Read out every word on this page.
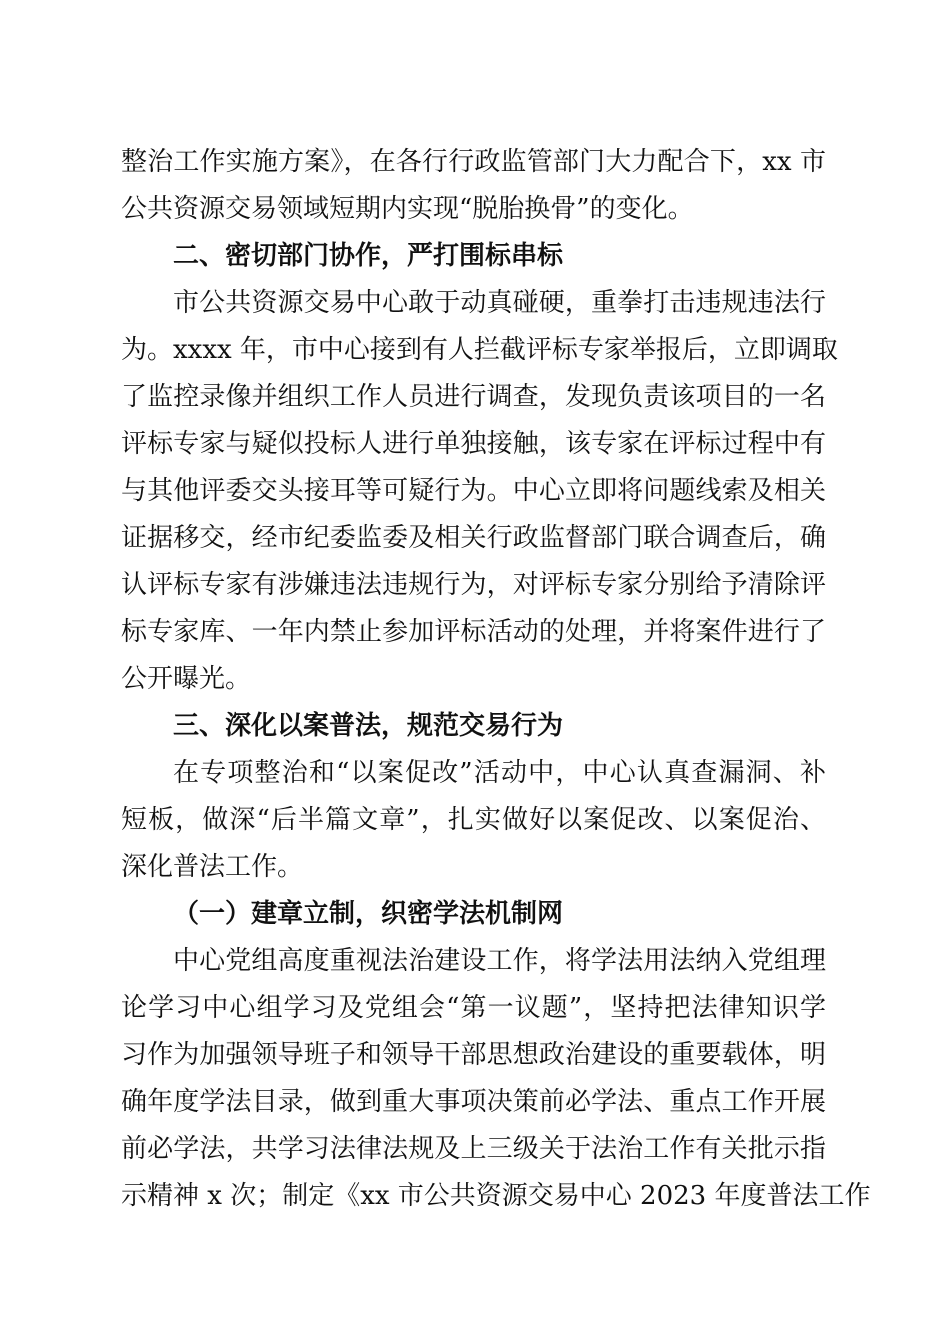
整治工作实施方案》，在各行行政监管部门大力配合下，xx 市
公共资源交易领域短期内实现“脱胎换骨”的变化。
二、密切部门协作，严打围标串标
市公共资源交易中心敢于动真碰硬，重拳打击违规违法行
为。xxxx 年，市中心接到有人拦截评标专家举报后，立即调取
了监控录像并组织工作人员进行调查，发现负责该项目的一名
评标专家与疑似投标人进行单独接触，该专家在评标过程中有
与其他评委交头接耳等可疑行为。中心立即将问题线索及相关
证据移交，经市纪委监委及相关行政监督部门联合调查后，确
认评标专家有涉嫌违法违规行为，对评标专家分别给予清除评
标专家库、一年内禁止参加评标活动的处理，并将案件进行了
公开曝光。
三、深化以案普法，规范交易行为
在专项整治和“以案促改”活动中，中心认真查漏洞、补
短板，做深“后半篇文章”，扎实做好以案促改、以案促治、
深化普法工作。
（一）建章立制，织密学法机制网
中心党组高度重视法治建设工作，将学法用法纳入党组理
论学习中心组学习及党组会“第一议题”，坚持把法律知识学
习作为加强领导班子和领导干部思想政治建设的重要载体，明
确年度学法目录，做到重大事项决策前必学法、重点工作开展
前必学法，共学习法律法规及上三级关于法治工作有关批示指
示精神 x 次；制定《xx 市公共资源交易中心 2023 年度普法工作
